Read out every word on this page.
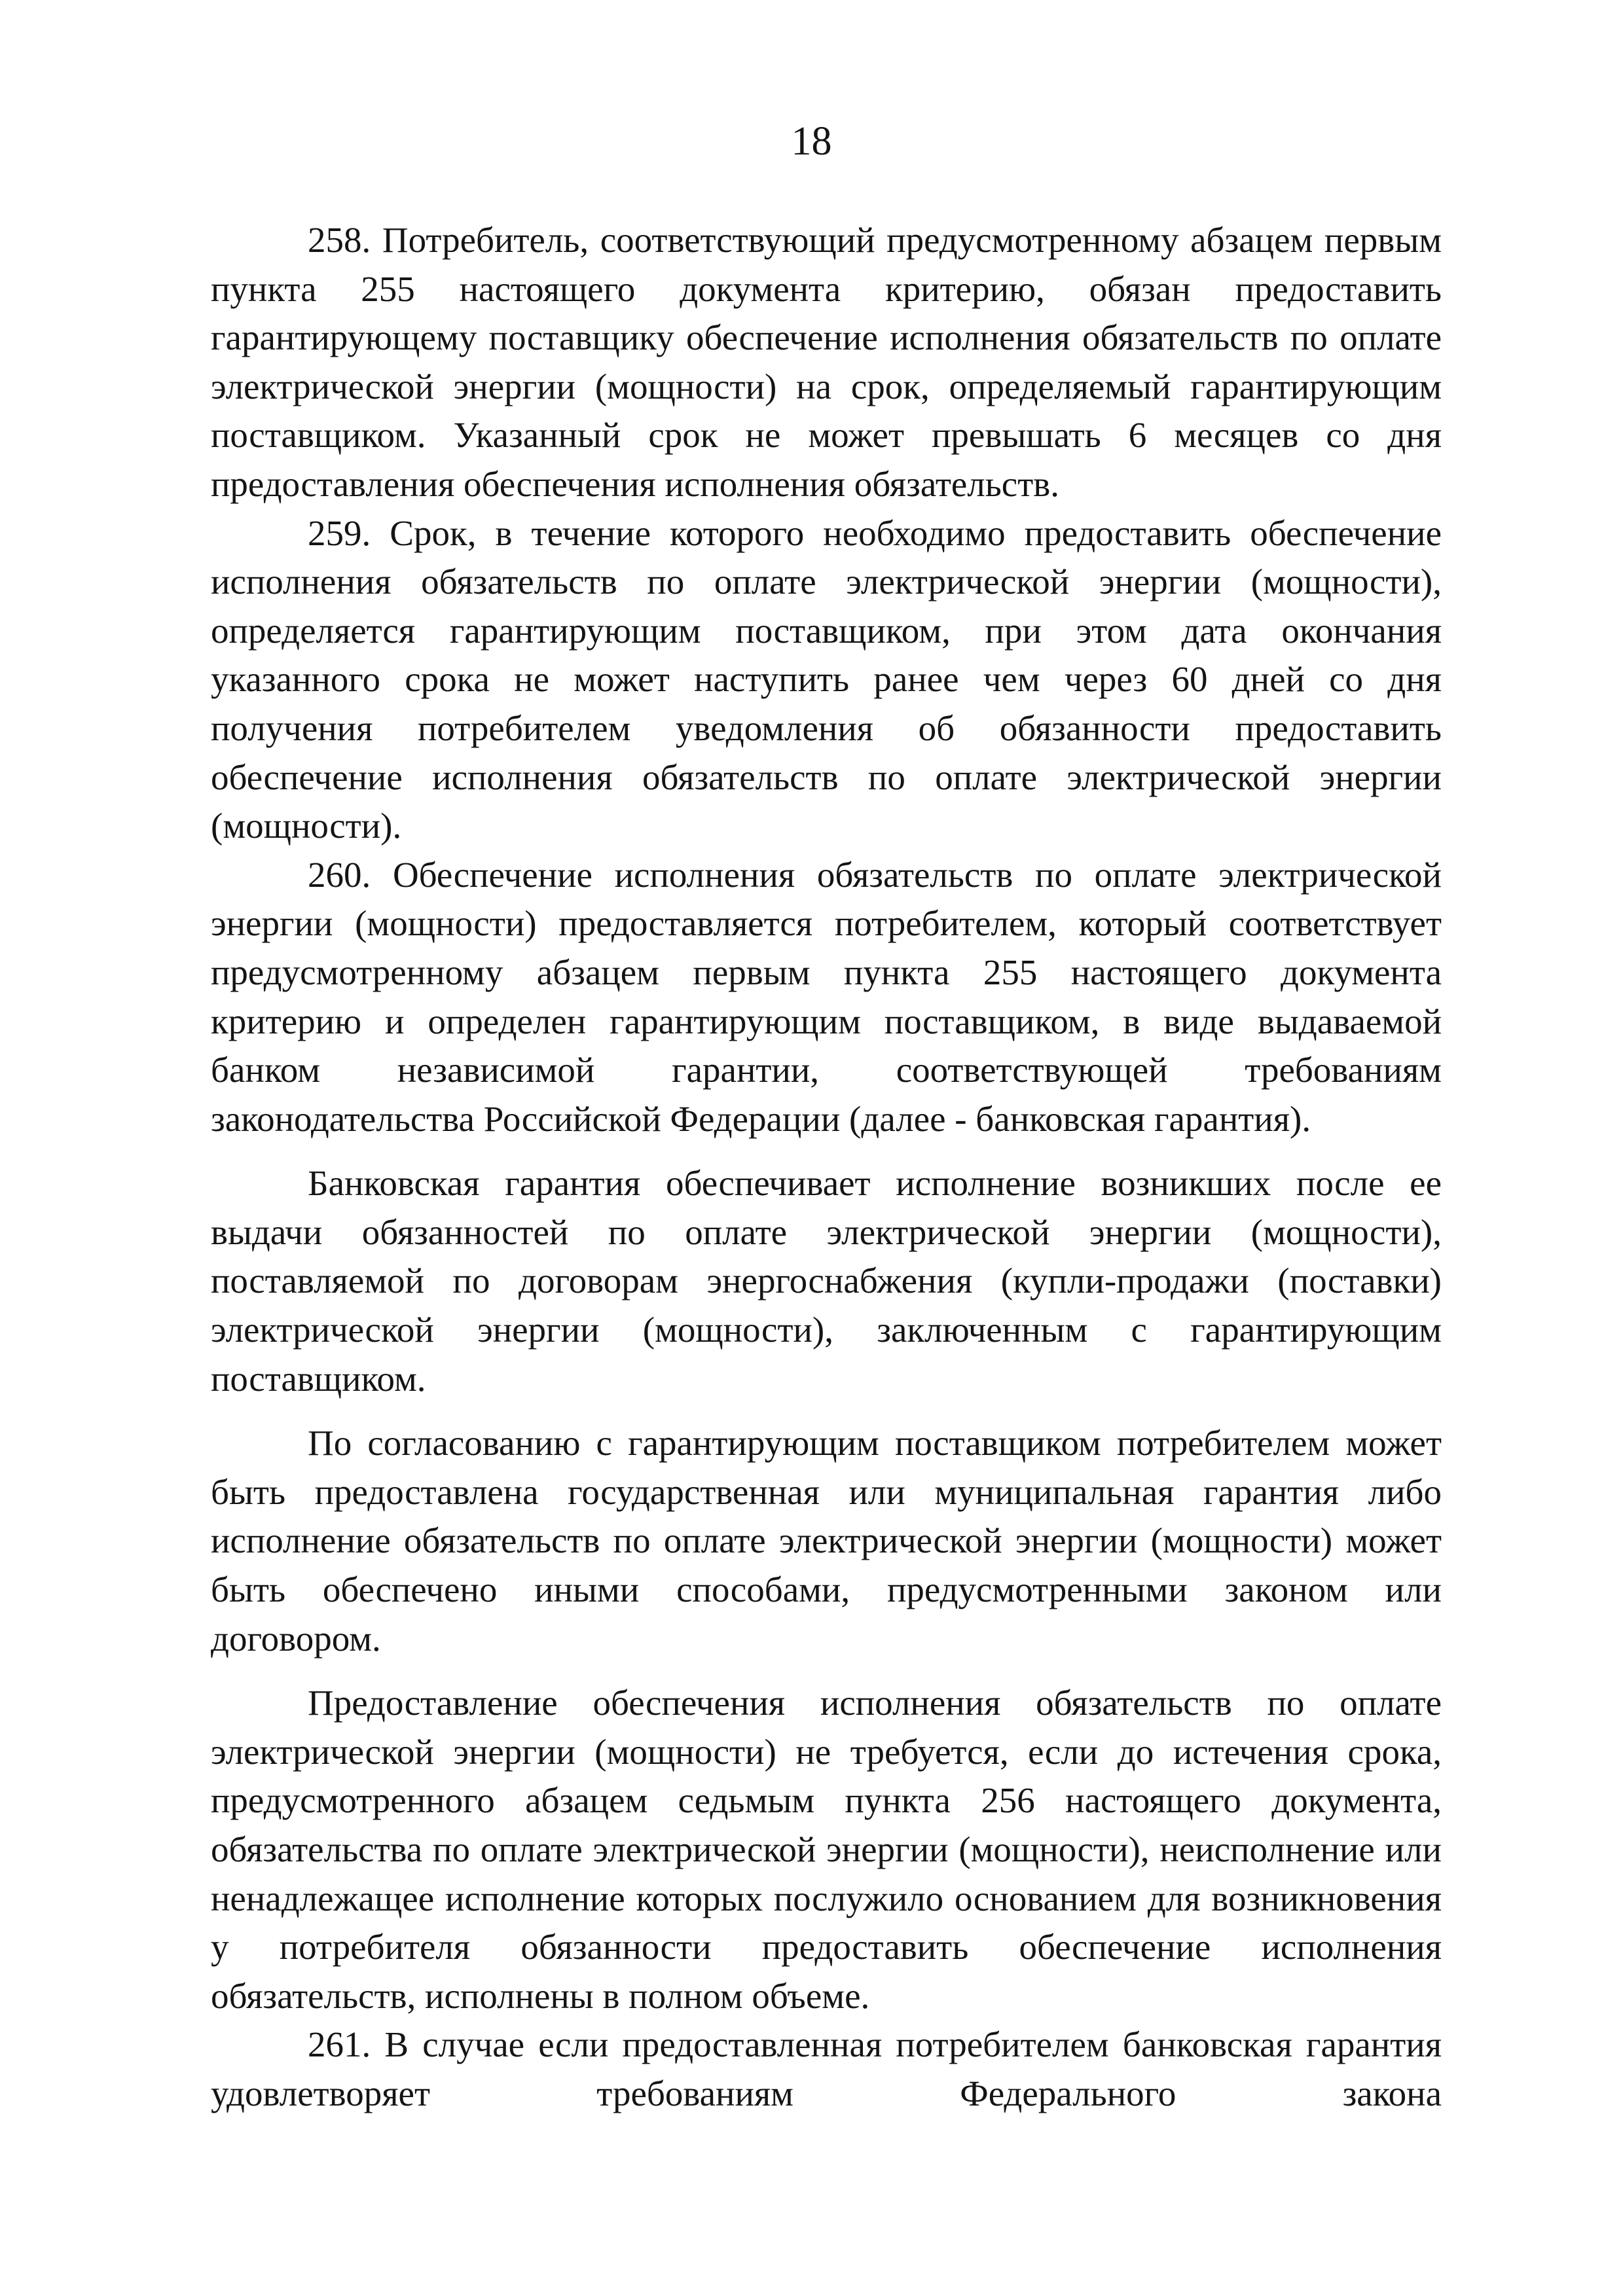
18

258. Потребитель, соответствующий предусмотренному абзацем первым пункта 255 настоящего документа критерию, обязан предоставить гарантирующему поставщику обеспечение исполнения обязательств по оплате электрической энергии (мощности) на срок, определяемый гарантирующим поставщиком. Указанный срок не может превышать 6 месяцев со дня предоставления обеспечения исполнения обязательств.

259. Срок, в течение которого необходимо предоставить обеспечение исполнения обязательств по оплате электрической энергии (мощности), определяется гарантирующим поставщиком, при этом дата окончания указанного срока не может наступить ранее чем через 60 дней со дня получения потребителем уведомления об обязанности предоставить обеспечение исполнения обязательств по оплате электрической энергии (мощности).

260. Обеспечение исполнения обязательств по оплате электрической энергии (мощности) предоставляется потребителем, который соответствует предусмотренному абзацем первым пункта 255 настоящего документа критерию и определен гарантирующим поставщиком, в виде выдаваемой банком независимой гарантии, соответствующей требованиям законодательства Российской Федерации (далее - банковская гарантия).

Банковская гарантия обеспечивает исполнение возникших после ее выдачи обязанностей по оплате электрической энергии (мощности), поставляемой по договорам энергоснабжения (купли-продажи (поставки) электрической энергии (мощности), заключенным с гарантирующим поставщиком.

По согласованию с гарантирующим поставщиком потребителем может быть предоставлена государственная или муниципальная гарантия либо исполнение обязательств по оплате электрической энергии (мощности) может быть обеспечено иными способами, предусмотренными законом или договором.

Предоставление обеспечения исполнения обязательств по оплате электрической энергии (мощности) не требуется, если до истечения срока, предусмотренного абзацем седьмым пункта 256 настоящего документа, обязательства по оплате электрической энергии (мощности), неисполнение или ненадлежащее исполнение которых послужило основанием для возникновения у потребителя обязанности предоставить обеспечение исполнения обязательств, исполнены в полном объеме.

261. В случае если предоставленная потребителем банковская гарантия удовлетворяет требованиям Федерального закона
